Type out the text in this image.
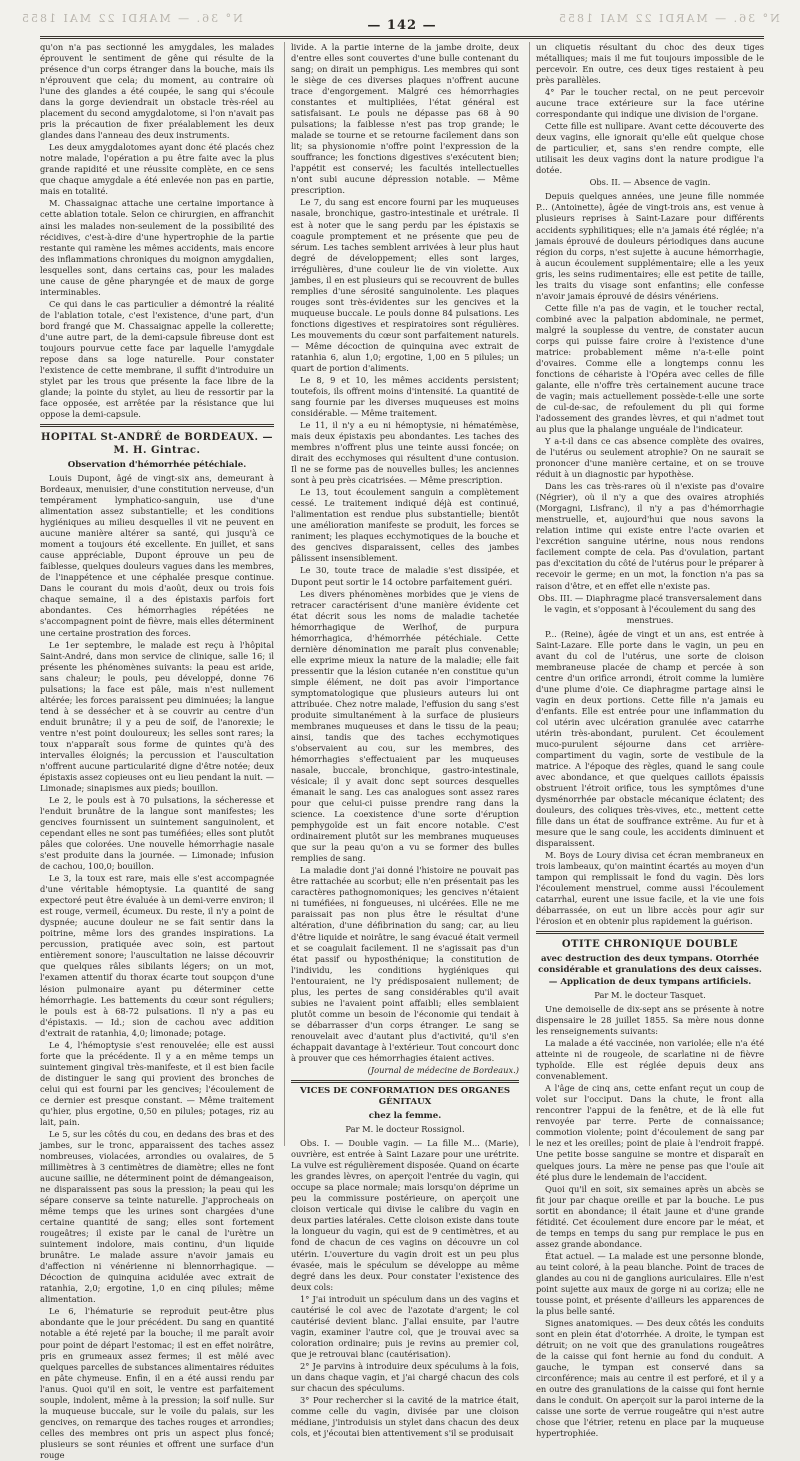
N° 36. — MARDI 22 MAI 1855	N° 36. — MARDI 22 MAI 1855
— 142 —

qu'on n'a pas sectionné les amygdales, les malades éprouvent le sentiment de gêne qui résulte de la présence d'un corps étranger dans la bouche, mais ils n'éprouvent que cela; du moment, au contraire où l'une des glandes a été coupée, le sang qui s'écoule dans la gorge deviendrait un obstacle très-réel au placement du second amygdalotome, si l'on n'avait pas pris la précaution de fixer préalablement les deux glandes dans l'anneau des deux instruments.

Les deux amygdalotomes ayant donc été placés chez notre malade, l'opération a pu être faite avec la plus grande rapidité et une réussite complète, en ce sens que chaque amygdale a été enlevée non pas en partie, mais en totalité.

M. Chassaignac attache une certaine importance à cette ablation totale. Selon ce chirurgien, en affranchit ainsi les malades non-seulement de la possibilité des récidives, c'est-à-dire d'une hypertrophie de la partie restante qui ramène les mêmes accidents, mais encore des inflammations chroniques du moignon amygdalien, lesquelles sont, dans certains cas, pour les malades une cause de gêne pharyngée et de maux de gorge interminables.

Ce qui dans le cas particulier a démontré la réalité de l'ablation totale, c'est l'existence, d'une part, d'un bord frangé que M. Chassaignac appelle la collerette; d'une autre part, de la demi-capsule fibreuse dont est toujours pourvue cette face par laquelle l'amygdale repose dans sa loge naturelle. Pour constater l'existence de cette membrane, il suffit d'introduire un stylet par les trous que présente la face libre de la glande; la pointe du stylet, au lieu de ressortir par la face opposée, est arrêtée par la résistance que lui oppose la demi-capsule.

HOPITAL St-ANDRÉ de BORDEAUX. — M. H. Gintrac.
Observation d'hémorrhée pétéchiale.

Louis Dupont, âgé de vingt-six ans, demeurant à Bordeaux, menuisier, d'une constitution nerveuse, d'un tempérament lymphatico-sanguin, use d'une alimentation assez substantielle; et les conditions hygiéniques au milieu desquelles il vit ne peuvent en aucune manière altérer sa santé, qui jusqu'à ce moment a toujours été excellente. En juillet, et sans cause appréciable, Dupont éprouve un peu de faiblesse, quelques douleurs vagues dans les membres, de l'inappétence et une céphalée presque continue. Dans le courant du mois d'août, deux ou trois fois chaque semaine, il a des épistaxis parfois fort abondantes. Ces hémorrhagies répétées ne s'accompagnent point de fièvre, mais elles déterminent une certaine prostration des forces.

Le 1er septembre, le malade est reçu à l'hôpital Saint-André, dans mon service de clinique, salle 16; il présente les phénomènes suivants: la peau est aride, sans chaleur; le pouls, peu développé, donne 76 pulsations; la face est pâle, mais n'est nullement altérée; les forces paraissent peu diminuées; la langue tend à se dessécher et à se couvrir au centre d'un enduit brunâtre; il y a peu de soif, de l'anorexie; le ventre n'est point douloureux; les selles sont rares; la toux n'apparaît sous forme de quintes qu'à des intervalles éloignés; la percussion et l'auscultation n'offrent aucune particularité digne d'être notée; deux épistaxis assez copieuses ont eu lieu pendant la nuit. — Limonade; sinapismes aux pieds; bouillon.

Le 2, le pouls est à 70 pulsations, la sécheresse et l'enduit brunâtre de la langue sont manifestes; les gencives fournissent un suintement sanguinolent, et cependant elles ne sont pas tuméfiées; elles sont plutôt pâles que colorées. Une nouvelle hémorrhagie nasale s'est produite dans la journée. — Limonade; infusion de cachou, 100,0; bouillon.

Le 3, la toux est rare, mais elle s'est accompagnée d'une véritable hémoptysie. La quantité de sang expectoré peut être évaluée à un demi-verre environ; il est rouge, vermeil, écumeux. Du reste, il n'y a point de dyspnée; aucune douleur ne se fait sentir dans la poitrine, même lors des grandes inspirations. La percussion, pratiquée avec soin, est partout entièrement sonore; l'auscultation ne laisse découvrir que quelques râles sibilants légers; on un mot, l'examen attentif du thorax écarte tout soupçon d'une lésion pulmonaire ayant pu déterminer cette hémorrhagie. Les battements du cœur sont réguliers; le pouls est à 68-72 pulsations. Il n'y a pas eu d'épistaxis. — Id.; sion de cachou avec addition d'extrait de ratanhia, 4,0; limonade; potage.

Le 4, l'hémoptysie s'est renouvelée; elle est aussi forte que la précédente. Il y a en même temps un suintement gingival très-manifeste, et il est bien facile de distinguer le sang qui provient des bronches de celui qui est fourni par les gencives; l'écoulement de ce dernier est presque constant. — Même traitement qu'hier, plus ergotine, 0,50 en pilules; potages, riz au lait, pain.

Le 5, sur les côtés du cou, en dedans des bras et des jambes, sur le tronc, apparaissent des taches assez nombreuses, violacées, arrondies ou ovalaires, de 5 millimètres à 3 centimètres de diamètre; elles ne font aucune saillie, ne déterminent point de démangeaison, ne disparaissent pas sous la pression; la peau qui les sépare conserve sa teinte naturelle. J'approcheais on même temps que les urines sont chargées d'une certaine quantité de sang; elles sont fortement rougeâtres; il existe par le canal de l'urètre un suintement indolore, mais continu, d'un liquide brunâtre. Le malade assure n'avoir jamais eu d'affection ni vénérienne ni blennorrhagique. — Décoction de quinquina acidulée avec extrait de ratanhia, 2,0; ergotine, 1,0 en cinq pilules; même alimentation.

Le 6, l'hématurie se reproduit peut-être plus abondante que le jour précédent. Du sang en quantité notable a été rejeté par la bouche; il me paraît avoir pour point de départ l'estomac; il est en effet noirâtre, pris en grumeaux assez fermes; il est mêlé avec quelques parcelles de substances alimentaires réduites en pâte chymeuse. Enfin, il en a été aussi rendu par l'anus. Quoi qu'il en soit, le ventre est parfaitement souple, indolent, même à la pression; la soif nulle. Sur la muqueuse buccale, sur le voile du palais, sur les gencives, on remarque des taches rouges et arrondies; celles des membres ont pris un aspect plus foncé; plusieurs se sont réunies et offrent une surface d'un rouge

livide. A la partie interne de la jambe droite, deux d'entre elles sont couvertes d'une bulle contenant du sang; on dirait un pemphigus. Les membres qui sont le siège de ces diverses plaques n'offrent aucune trace d'engorgement. Malgré ces hémorrhagies constantes et multipliées, l'état général est satisfaisant. Le pouls ne dépasse pas 68 à 90 pulsations; la faiblesse n'est pas trop grande; le malade se tourne et se retourne facilement dans son lit; sa physionomie n'offre point l'expression de la souffrance; les fonctions digestives s'exécutent bien; l'appétit est conservé; les facultés intellectuelles n'ont subi aucune dépression notable. — Même prescription.

Le 7, du sang est encore fourni par les muqueuses nasale, bronchique, gastro-intestinale et urétrale. Il est à noter que le sang perdu par les épistaxis se coagule promptement et ne présente que peu de sérum. Les taches semblent arrivées à leur plus haut degré de développement; elles sont larges, irrégulières, d'une couleur lie de vin violette. Aux jambes, il en est plusieurs qui se recouvrent de bulles remplies d'une sérosité sanguinolente. Les plaques rouges sont très-évidentes sur les gencives et la muqueuse buccale. Le pouls donne 84 pulsations. Les fonctions digestives et respiratoires sont régulières. Les mouvements du cœur sont parfaitement naturels. — Même décoction de quinquina avec extrait de ratanhia 6, alun 1,0; ergotine, 1,00 en 5 pilules; un quart de portion d'aliments.

Le 8, 9 et 10, les mêmes accidents persistent; toutefois, ils offrent moins d'intensité. La quantité de sang fournie par les diverses muqueuses est moins considérable. — Même traitement.

Le 11, il n'y a eu ni hémoptysie, ni hématémèse, mais deux épistaxis peu abondantes. Les taches des membres n'offrent plus une teinte aussi foncée; on dirait des ecchymoses qui résultent d'une contusion. Il ne se forme pas de nouvelles bulles; les anciennes sont à peu près cicatrisées. — Même prescription.

Le 13, tout écoulement sanguin a complètement cessé. Le traitement indiqué déjà est continué, l'alimentation est rendue plus substantielle; bientôt une amélioration manifeste se produit, les forces se raniment; les plaques ecchymotiques de la bouche et des gencives disparaissent, celles des jambes pâlissent insensiblement.

Le 30, toute trace de maladie s'est dissipée, et Dupont peut sortir le 14 octobre parfaitement guéri.

Les divers phénomènes morbides que je viens de retracer caractérisent d'une manière évidente cet état décrit sous les noms de maladie tachetée hémorrhagique de Werlhof, de purpura hémorrhagica, d'hémorrhée pétéchiale. Cette dernière dénomination me paraît plus convenable; elle exprime mieux la nature de la maladie; elle fait pressentir que la lésion cutanée n'en constitue qu'un simple élément, ne doit pas avoir l'importance symptomatologique que plusieurs auteurs lui ont attribuée. Chez notre malade, l'effusion du sang s'est produite simultanément à la surface de plusieurs membranes muqueuses et dans le tissu de la peau; ainsi, tandis que des taches ecchymotiques s'observaient au cou, sur les membres, des hémorrhagies s'effectuaient par les muqueuses nasale, buccale, bronchique, gastro-intestinale, vésicale; il y avait donc sept sources desquelles émanait le sang. Les cas analogues sont assez rares pour que celui-ci puisse prendre rang dans la science. La coexistence d'une sorte d'éruption pemphygoïde est un fait encore notable. C'est ordinairement plutôt sur les membranes muqueuses que sur la peau qu'on a vu se former des bulles remplies de sang.

La maladie dont j'ai donné l'histoire ne pouvait pas être rattachée au scorbut; elle n'en présentait pas les caractères pathognomoniques; les gencives n'étaient ni tuméfiées, ni fongueuses, ni ulcérées. Elle ne me paraissait pas non plus être le résultat d'une altération, d'une défibrination du sang; car, au lieu d'être liquide et noirâtre, le sang évacué était vermeil et se coagulait facilement. Il ne s'agissait pas d'un état passif ou hyposthénique; la constitution de l'individu, les conditions hygiéniques qui l'entouraient, ne l'y prédisposaient nullement; de plus, les pertes de sang considérables qu'il avait subies ne l'avaient point affaibli; elles semblaient plutôt comme un besoin de l'économie qui tendait à se débarrasser d'un corps étranger. Le sang se renouvelait avec d'autant plus d'activité, qu'il s'en échappait davantage à l'extérieur. Tout concourt donc à prouver que ces hémorrhagies étaient actives.

(Journal de médecine de Bordeaux.)

VICES DE CONFORMATION DES ORGANES GÉNITAUX
chez la femme.
Par M. le docteur Rossignol.

Obs. I. — Double vagin. — La fille M... (Marie), ouvrière, est entrée à Saint Lazare pour une urétrite. La vulve est régulièrement disposée. Quand on écarte les grandes lèvres, on aperçoit l'entrée du vagin, qui occupe sa place normale; mais lorsqu'on déprime un peu la commissure postérieure, on aperçoit une cloison verticale qui divise le calibre du vagin en deux parties latérales. Cette cloison existe dans toute la longueur du vagin, qui est de 9 centimètres, et au fond de chacun de ces vagins on découvre un col utérin. L'ouverture du vagin droit est un peu plus évasée, mais le spéculum se développe au même degré dans les deux. Pour constater l'existence des deux cols:

1° J'ai introduit un spéculum dans un des vagins et cautérisé le col avec de l'azotate d'argent; le col cautérisé devient blanc. J'allai ensuite, par l'autre vagin, examiner l'autre col, que je trouvai avec sa coloration ordinaire; puis je revins au premier col, que je retrouvai blanc (cautérisation).

2° Je parvins à introduire deux spéculums à la fois, un dans chaque vagin, et j'ai chargé chacun des cols sur chacun des spéculums.

3° Pour rechercher si la cavité de la matrice était, comme celle du vagin, divisée par une cloison médiane, j'introduisis un stylet dans chacun des deux cols, et j'écoutai bien attentivement s'il se produisait

un cliquetis résultant du choc des deux tiges métalliques; mais il me fut toujours impossible de le percevoir. En outre, ces deux tiges restaient à peu près parallèles.

4° Par le toucher rectal, on ne peut percevoir aucune trace extérieure sur la face utérine correspondante qui indique une division de l'organe.

Cette fille est nullipare. Avant cette découverte des deux vagins, elle ignorait qu'elle eût quelque chose de particulier, et, sans s'en rendre compte, elle utilisait les deux vagins dont la nature prodigue l'a dotée.

Obs. II. — Absence de vagin.

Depuis quelques années, une jeune fille nommée P... (Antoinette), âgée de vingt-trois ans, est venue à plusieurs reprises à Saint-Lazare pour différents accidents syphilitiques; elle n'a jamais été réglée; n'a jamais éprouvé de douleurs périodiques dans aucune région du corps, n'est sujette à aucune hémorrhagie, à aucun écoulement supplémentaire; elle a les yeux gris, les seins rudimentaires; elle est petite de taille, les traits du visage sont enfantins; elle confesse n'avoir jamais éprouvé de désirs vénériens.

Cette fille n'a pas de vagin, et le toucher rectal, combiné avec la palpation abdominale, ne permet, malgré la souplesse du ventre, de constater aucun corps qui puisse faire croire à l'existence d'une matrice: probablement même n'a-t-elle point d'ovaires. Comme elle a longtemps connu les fonctions de céhariste à l'Opéra avec celles de fille galante, elle n'offre très certainement aucune trace de vagin; mais actuellement possède-t-elle une sorte de cul-de-sac, de refoulement du pli qui forme l'adossement des grandes lèvres, et qui n'admet tout au plus que la phalange unguéale de l'indicateur.

Y a-t-il dans ce cas absence complète des ovaires, de l'utérus ou seulement atrophie? On ne saurait se prononcer d'une manière certaine, et on se trouve réduit à un diagnostic par hypothèse.

Dans les cas très-rares où il n'existe pas d'ovaire (Négrier), où il n'y a que des ovaires atrophiés (Morgagni, Lisfranc), il n'y a pas d'hémorrhagie menstruelle, et, aujourd'hui que nous savons la relation intime qui existe entre l'acte ovarien et l'excrétion sanguine utérine, nous nous rendons facilement compte de cela. Pas d'ovulation, partant pas d'excitation du côté de l'utérus pour le préparer à recevoir le germe; en un mot, la fonction n'a pas sa raison d'être, et en effet elle n'existe pas.

Obs. III. — Diaphragme placé transversalement dans le vagin, et s'opposant à l'écoulement du sang des menstrues.

P... (Reine), âgée de vingt et un ans, est entrée à Saint-Lazare. Elle porte dans le vagin, un peu en avant du col de l'utérus, une sorte de cloison membraneuse placée de champ et percée à son centre d'un orifice arrondi, étroit comme la lumière d'une plume d'oie. Ce diaphragme partage ainsi le vagin en deux portions. Cette fille n'a jamais eu d'enfants. Elle est entrée pour une inflammation du col utérin avec ulcération granulée avec catarrhe utérin très-abondant, purulent. Cet écoulement muco-purulent séjourne dans cet arrière-compartiment du vagin, sorte de vestibule de la matrice. A l'époque des règles, quand le sang coule avec abondance, et que quelques caillots épaissis obstruent l'étroit orifice, tous les symptômes d'une dysménorrhée par obstacle mécanique éclatent; des douleurs, des coliques très-vives, etc., mettent cette fille dans un état de souffrance extrême. Au fur et à mesure que le sang coule, les accidents diminuent et disparaissent.

M. Boys de Loury divisa cet écran membraneux en trois lambeaux, qu'on maintint écartés au moyen d'un tampon qui remplissait le fond du vagin. Dès lors l'écoulement menstruel, comme aussi l'écoulement catarrhal, eurent une issue facile, et la vie une fois débarrassée, on eut un libre accès pour agir sur l'érosion et en obtenir plus rapidement la guérison.

OTITE CHRONIQUE DOUBLE
avec destruction des deux tympans. Otorrhée considérable et granulations des deux caisses. — Application de deux tympans artificiels.
Par M. le docteur Tasquet.

Une demoiselle de dix-sept ans se présente à notre dispensaire le 28 juillet 1855. Sa mère nous donne les renseignements suivants:

La malade a été vaccinée, non variolée; elle n'a été atteinte ni de rougeole, de scarlatine ni de fièvre typhoïde. Elle est réglée depuis deux ans convenablement.

A l'âge de cinq ans, cette enfant reçut un coup de volet sur l'occiput. Dans la chute, le front alla rencontrer l'appui de la fenêtre, et de là elle fut renvoyée par terre. Perte de connaissance; commotion violente; point d'écoulement de sang par le nez et les oreilles; point de plaie à l'endroit frappé. Une petite bosse sanguine se montre et disparaît en quelques jours. La mère ne pense pas que l'ouïe ait été plus dure le lendemain de l'accident.

Quoi qu'il en soit, six semaines après un abcès se fit jour par chaque oreille et par la bouche. Le pus sortit en abondance; il était jaune et d'une grande fétidité. Cet écoulement dure encore par le méat, et de temps en temps du sang pur remplace le pus en assez grande abondance.

État actuel. — La malade est une personne blonde, au teint coloré, à la peau blanche. Point de traces de glandes au cou ni de ganglions auriculaires. Elle n'est point sujette aux maux de gorge ni au coriza; elle ne tousse point, et présente d'ailleurs les apparences de la plus belle santé.

Signes anatomiques. — Des deux côtés les conduits sont en plein état d'otorrhée. A droite, le tympan est détruit; on ne voit que des granulations rougeâtres de la caisse qui font hernie au fond du conduit. A gauche, le tympan est conservé dans sa circonférence; mais au centre il est perforé, et il y a en outre des granulations de la caisse qui font hernie dans le conduit. On aperçoit sur la paroi interne de la caisse une sorte de verrue rougeâtre qui n'est autre chose que l'étrier, retenu en place par la muqueuse hypertrophiée.
